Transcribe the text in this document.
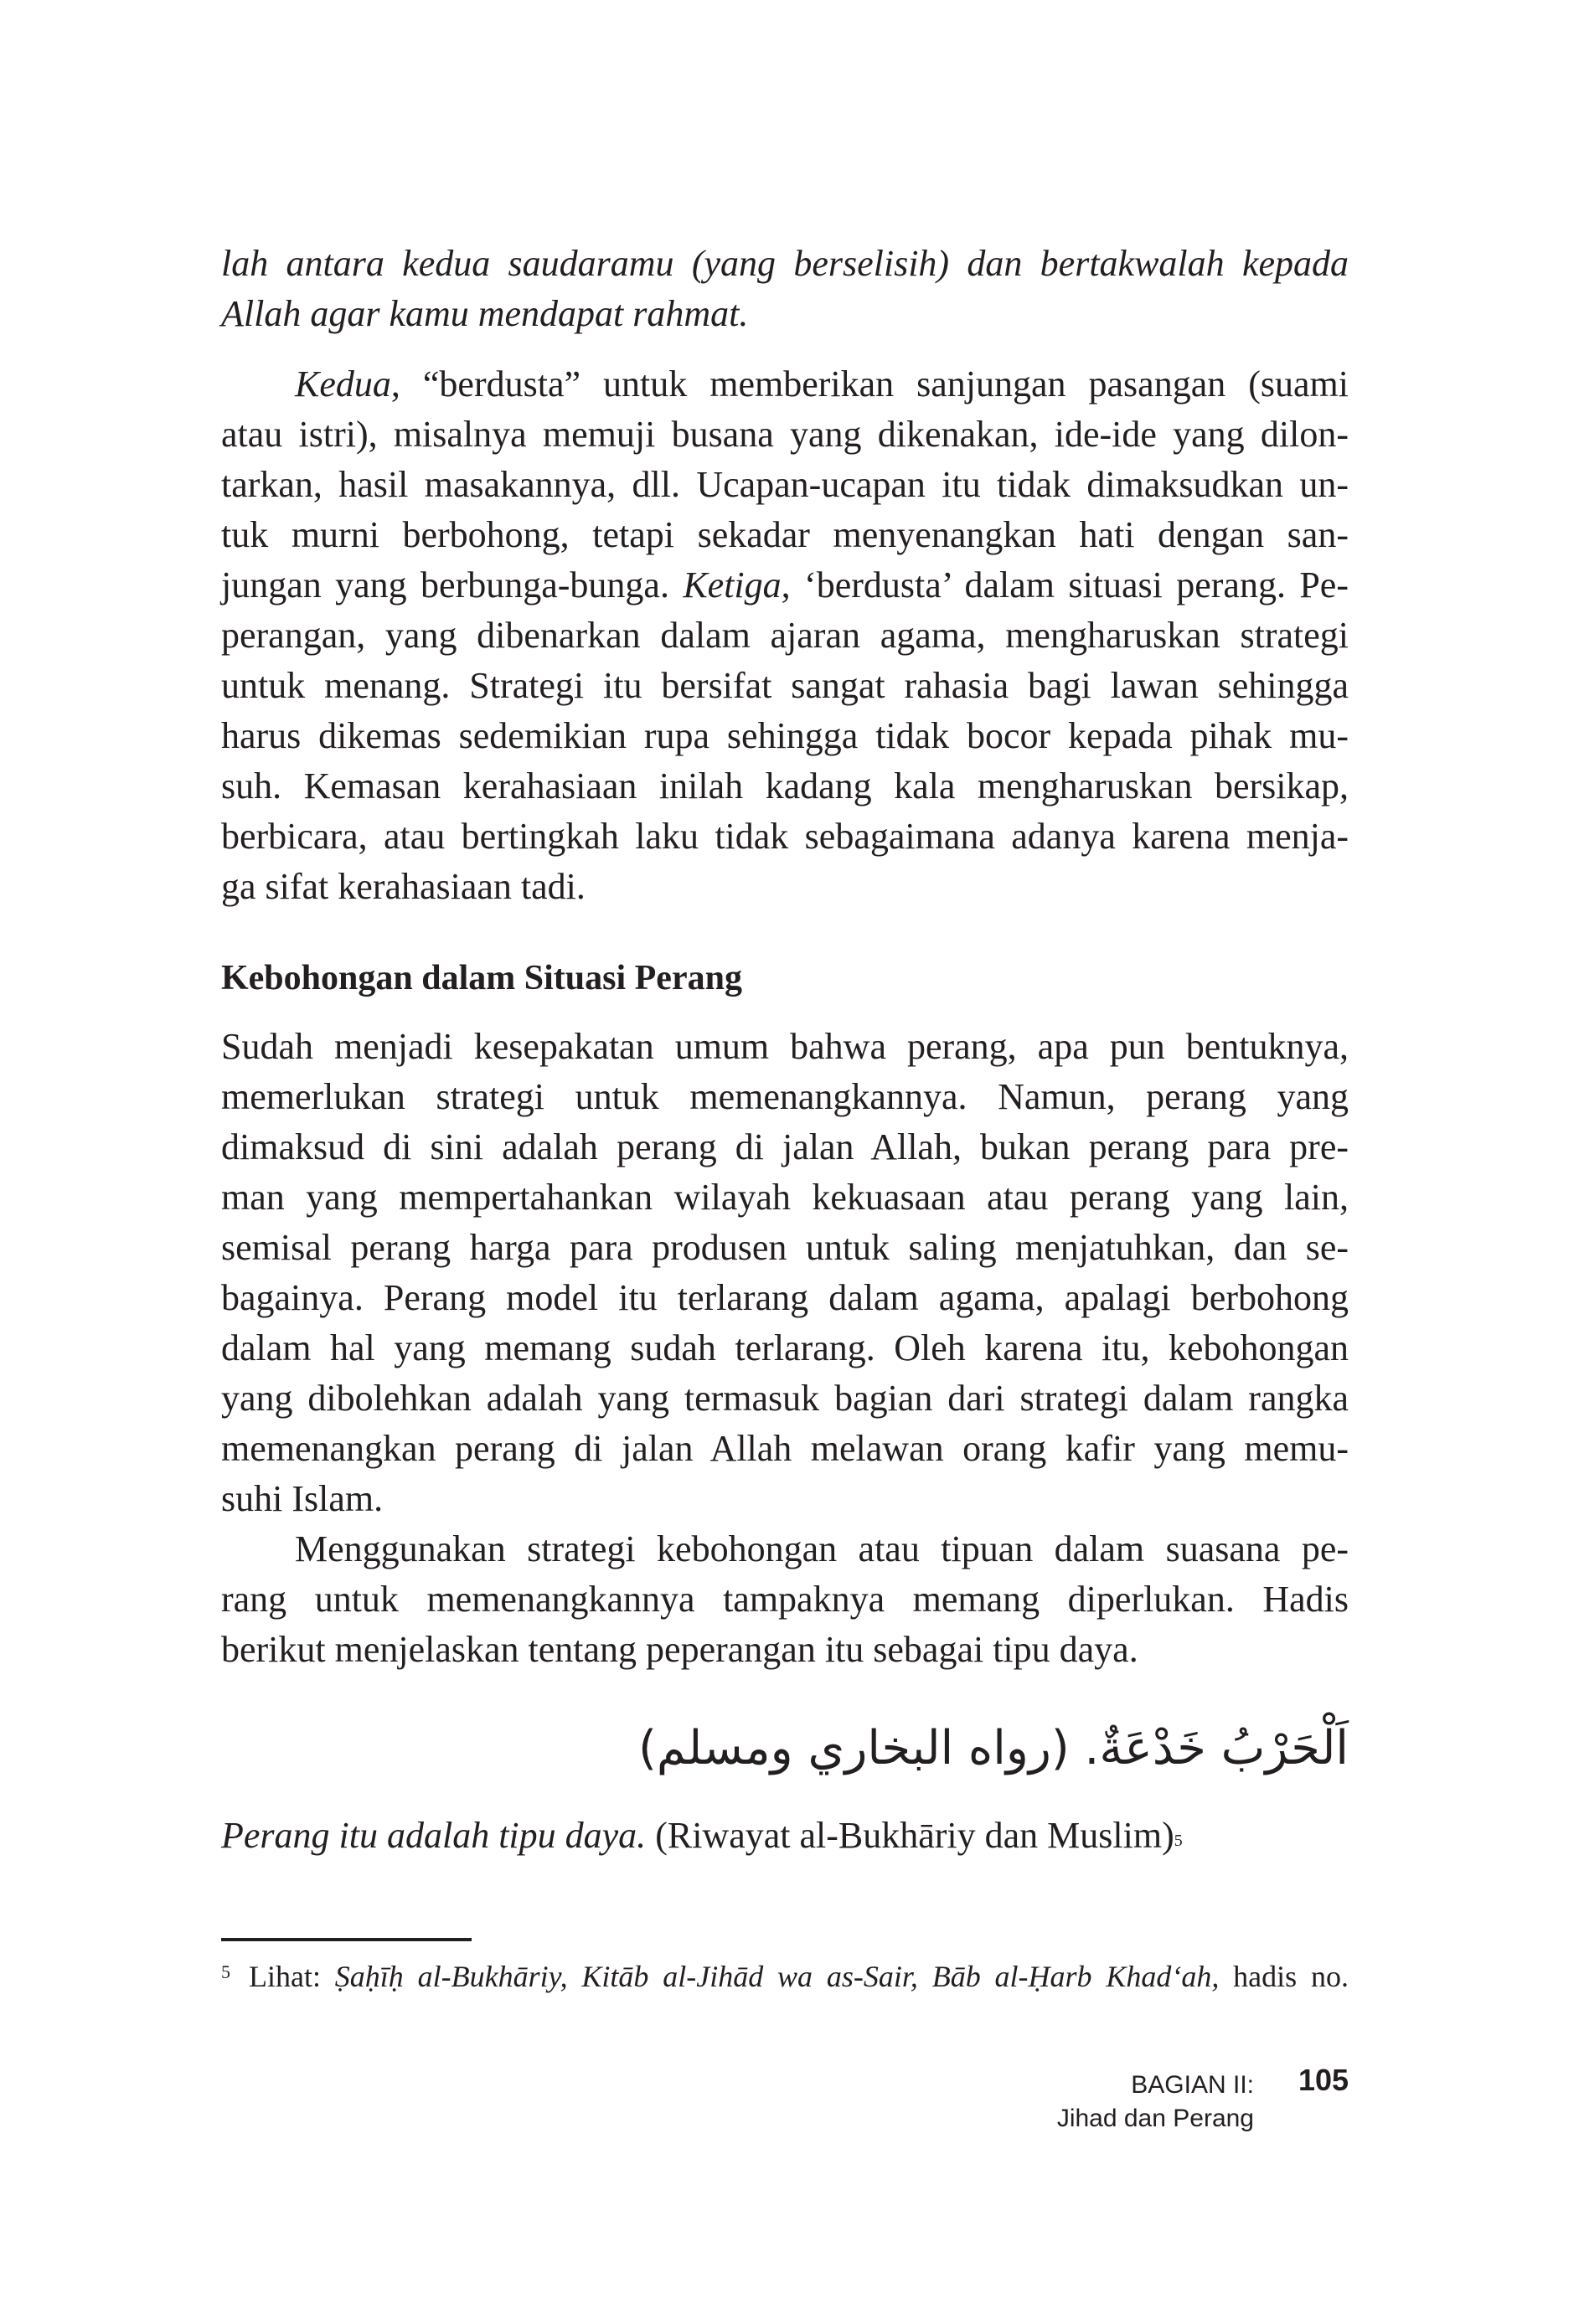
lah antara kedua saudaramu (yang berselisih) dan bertakwalah kepada
Allah agar kamu mendapat rahmat.
Kedua, “berdusta” untuk memberikan sanjungan pasangan (suami
atau istri), misalnya memuji busana yang dikenakan, ide-ide yang dilon-
tarkan, hasil masakannya, dll. Ucapan-ucapan itu tidak dimaksudkan un-
tuk murni berbohong, tetapi sekadar menyenangkan hati dengan san-
jungan yang berbunga-bunga. Ketiga, ‘berdusta’ dalam situasi perang. Pe-
perangan, yang dibenarkan dalam ajaran agama, mengharuskan strategi
untuk menang. Strategi itu bersifat sangat rahasia bagi lawan sehingga
harus dikemas sedemikian rupa sehingga tidak bocor kepada pihak mu-
suh. Kemasan kerahasiaan inilah kadang kala mengharuskan bersikap,
berbicara, atau bertingkah laku tidak sebagaimana adanya karena menja-
ga sifat kerahasiaan tadi.
Kebohongan dalam Situasi Perang
Sudah menjadi kesepakatan umum bahwa perang, apa pun bentuknya,
memerlukan strategi untuk memenangkannya. Namun, perang yang
dimaksud di sini adalah perang di jalan Allah, bukan perang para pre-
man yang mempertahankan wilayah kekuasaan atau perang yang lain,
semisal perang harga para produsen untuk saling menjatuhkan, dan se-
bagainya. Perang model itu terlarang dalam agama, apalagi berbohong
dalam hal yang memang sudah terlarang. Oleh karena itu, kebohongan
yang dibolehkan adalah yang termasuk bagian dari strategi dalam rangka
memenangkan perang di jalan Allah melawan orang kafir yang memu-
suhi Islam.
Menggunakan strategi kebohongan atau tipuan dalam suasana pe-
rang untuk memenangkannya tampaknya memang diperlukan. Hadis
berikut menjelaskan tentang peperangan itu sebagai tipu daya.
اَلْحَرْبُ خَدْعَةٌ. (رواه البخاري ومسلم)
Perang itu adalah tipu daya. (Riwayat al-Bukhāriy dan Muslim)5
$^5$ Lihat: Ṣaḥīḥ al-Bukhāriy, Kitāb al-Jihād wa as-Sair, Bāb al-Ḥarb Khad‘ah, hadis no.
BAGIAN II:
Jihad dan Perang
105
